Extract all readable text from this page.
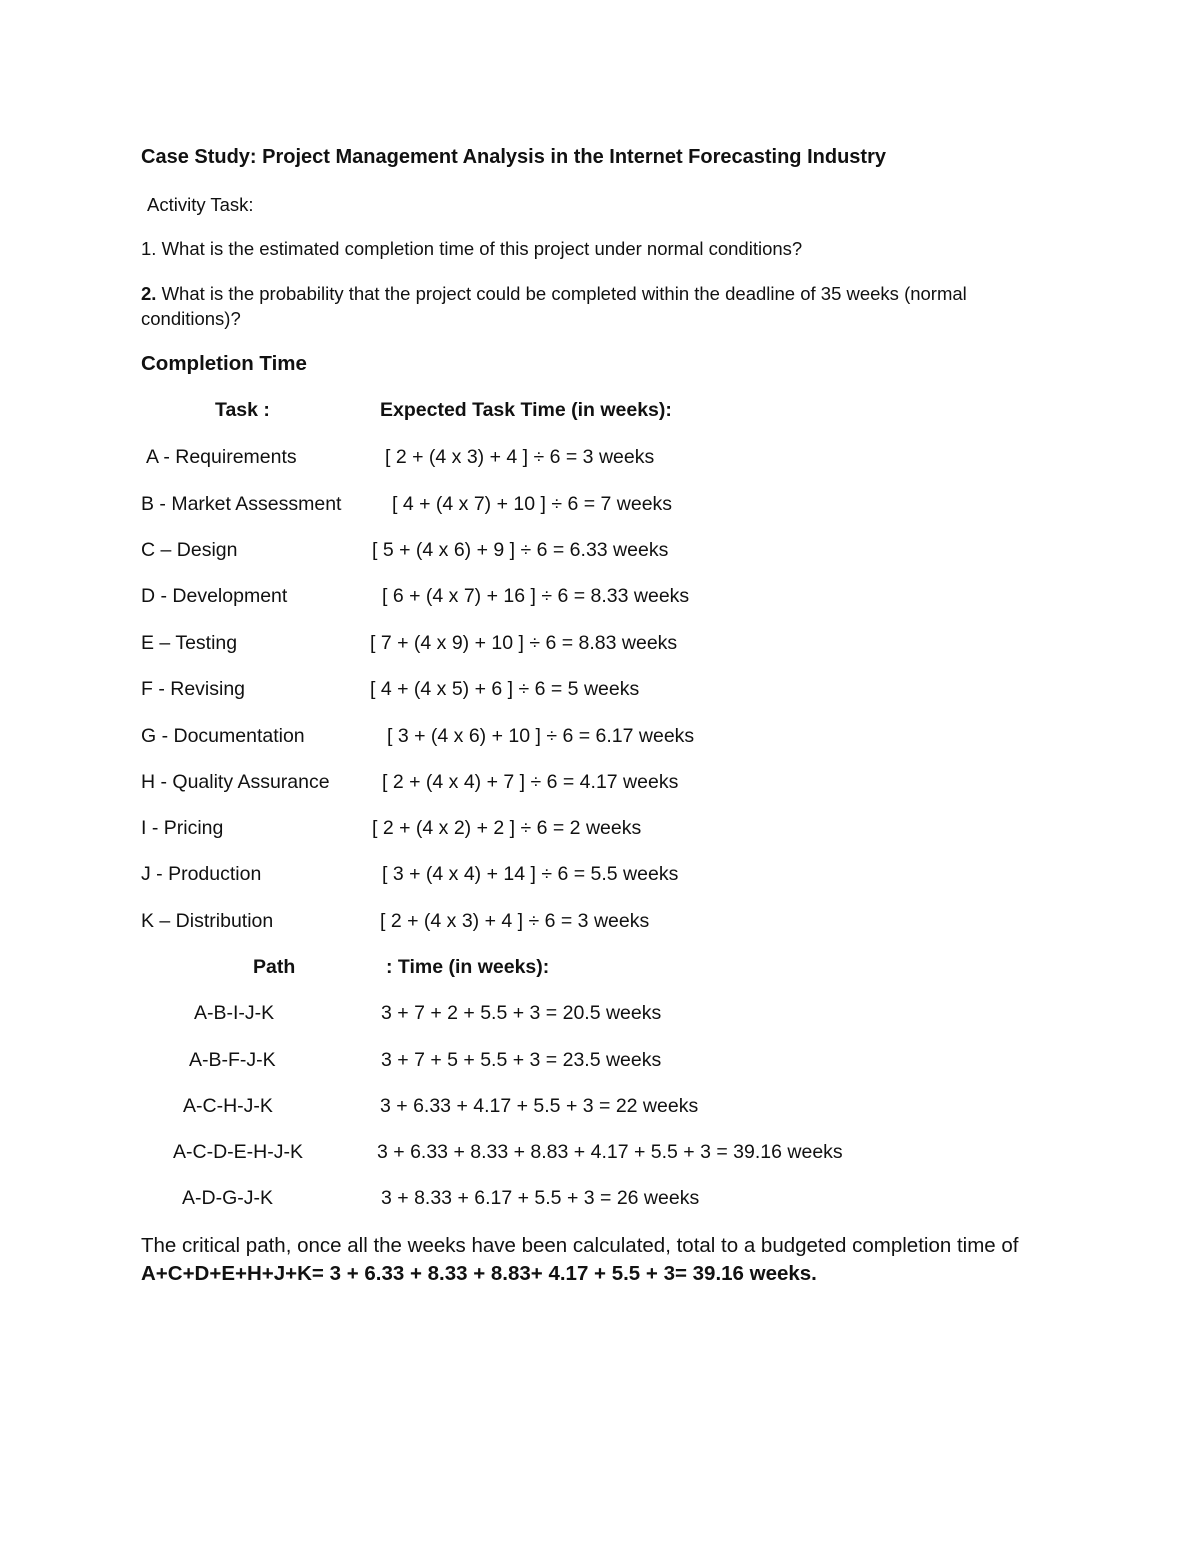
Case Study: Project Management Analysis in the Internet Forecasting Industry
Activity Task:
1. What is the estimated completion time of this project under normal conditions?
2. What is the probability that the project could be completed within the deadline of 35 weeks (normal
conditions)?
Completion Time
Task :	Expected Task Time (in weeks):
A - Requirements	[ 2 + (4 x 3) + 4 ] ÷ 6 = 3 weeks
B - Market Assessment	[ 4 + (4 x 7) + 10 ] ÷ 6 = 7 weeks
C – Design	[ 5 + (4 x 6) + 9 ] ÷ 6 = 6.33 weeks
D - Development	[ 6 + (4 x 7) + 16 ] ÷ 6 = 8.33 weeks
E – Testing	[ 7 + (4 x 9) + 10 ] ÷ 6 = 8.83 weeks
F - Revising	[ 4 + (4 x 5) + 6 ] ÷ 6 = 5 weeks
G - Documentation	[ 3 + (4 x 6) + 10 ] ÷ 6 = 6.17 weeks
H - Quality Assurance	[ 2 + (4 x 4) + 7 ] ÷ 6 = 4.17 weeks
I - Pricing	[ 2 + (4 x 2) + 2 ] ÷ 6 = 2 weeks
J - Production	[ 3 + (4 x 4) + 14 ] ÷ 6 = 5.5 weeks
K – Distribution	[ 2 + (4 x 3) + 4 ] ÷ 6 = 3 weeks
Path	: Time (in weeks):
A-B-I-J-K	3 + 7 + 2 + 5.5 + 3 = 20.5 weeks
A-B-F-J-K	3 + 7 + 5 + 5.5 + 3 = 23.5 weeks
A-C-H-J-K	3 + 6.33 + 4.17 + 5.5 + 3 = 22 weeks
A-C-D-E-H-J-K	3 + 6.33 + 8.33 + 8.83 + 4.17 + 5.5 + 3 = 39.16 weeks
A-D-G-J-K	3 + 8.33 + 6.17 + 5.5 + 3 = 26 weeks
The critical path, once all the weeks have been calculated, total to a budgeted completion time of A+C+D+E+H+J+K= 3 + 6.33 + 8.33 + 8.83+ 4.17 + 5.5 + 3= 39.16 weeks.
